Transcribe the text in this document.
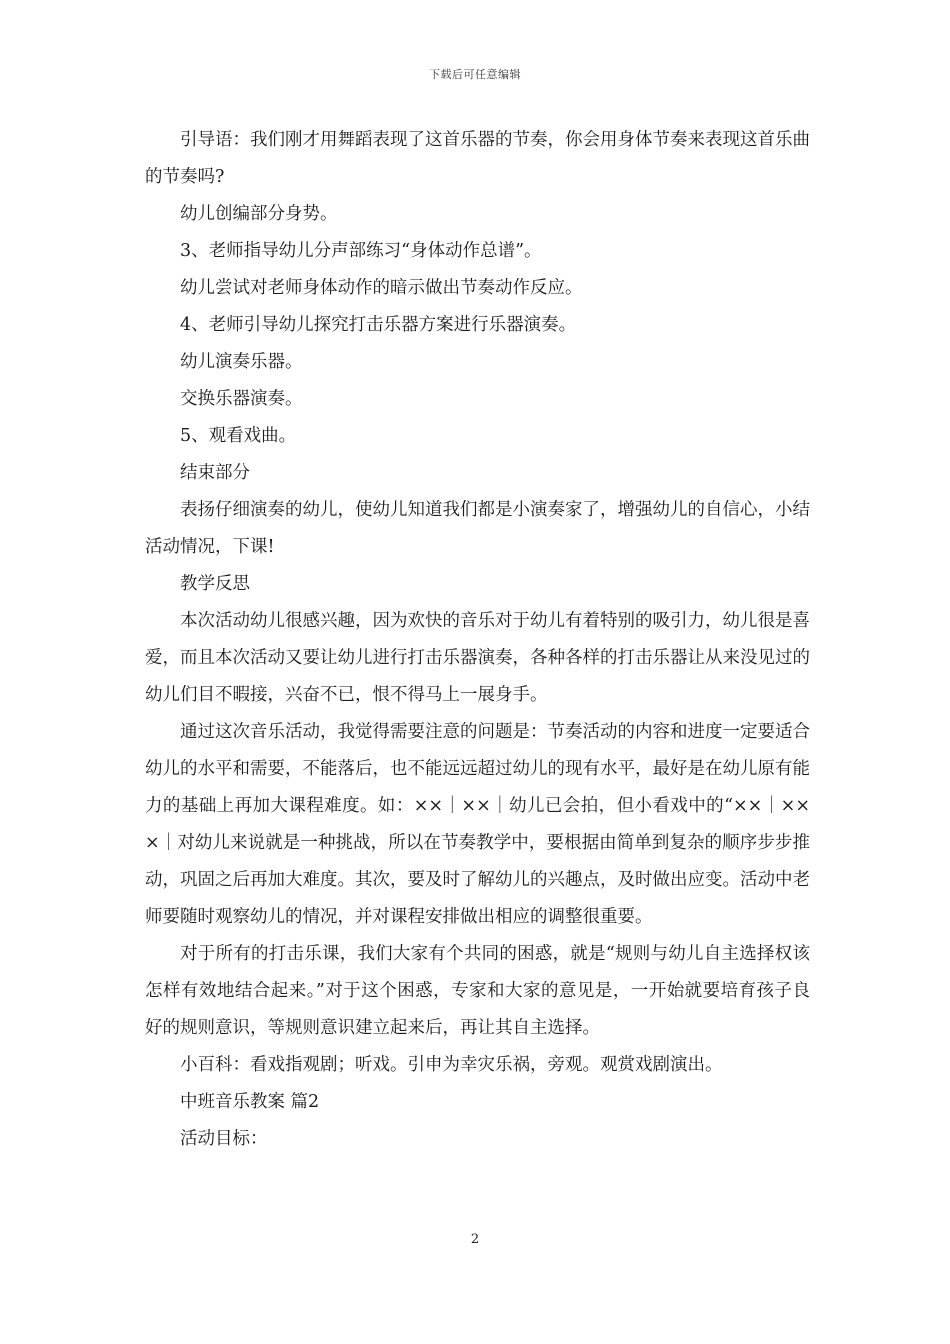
下载后可任意编辑

引导语：我们刚才用舞蹈表现了这首乐器的节奏，你会用身体节奏来表现这首乐曲的节奏吗?

幼儿创编部分身势。

3、老师指导幼儿分声部练习“身体动作总谱”。

幼儿尝试对老师身体动作的暗示做出节奏动作反应。

4、老师引导幼儿探究打击乐器方案进行乐器演奏。

幼儿演奏乐器。

交换乐器演奏。

5、观看戏曲。

结束部分

表扬仔细演奏的幼儿，使幼儿知道我们都是小演奏家了，增强幼儿的自信心，小结活动情况，下课!

教学反思

本次活动幼儿很感兴趣，因为欢快的音乐对于幼儿有着特别的吸引力，幼儿很是喜爱，而且本次活动又要让幼儿进行打击乐器演奏，各种各样的打击乐器让从来没见过的幼儿们目不暇接，兴奋不已，恨不得马上一展身手。

通过这次音乐活动，我觉得需要注意的问题是：节奏活动的内容和进度一定要适合幼儿的水平和需要，不能落后，也不能远远超过幼儿的现有水平，最好是在幼儿原有能力的基础上再加大课程难度。如：××｜××｜幼儿已会拍，但小看戏中的“××｜×××｜对幼儿来说就是一种挑战，所以在节奏教学中，要根据由简单到复杂的顺序步步推动，巩固之后再加大难度。其次，要及时了解幼儿的兴趣点，及时做出应变。活动中老师要随时观察幼儿的情况，并对课程安排做出相应的调整很重要。

对于所有的打击乐课，我们大家有个共同的困惑，就是“规则与幼儿自主选择权该怎样有效地结合起来。”对于这个困惑，专家和大家的意见是，一开始就要培育孩子良好的规则意识，等规则意识建立起来后，再让其自主选择。

小百科：看戏指观剧；听戏。引申为幸灾乐祸，旁观。观赏戏剧演出。

中班音乐教案 篇2

活动目标：

2
